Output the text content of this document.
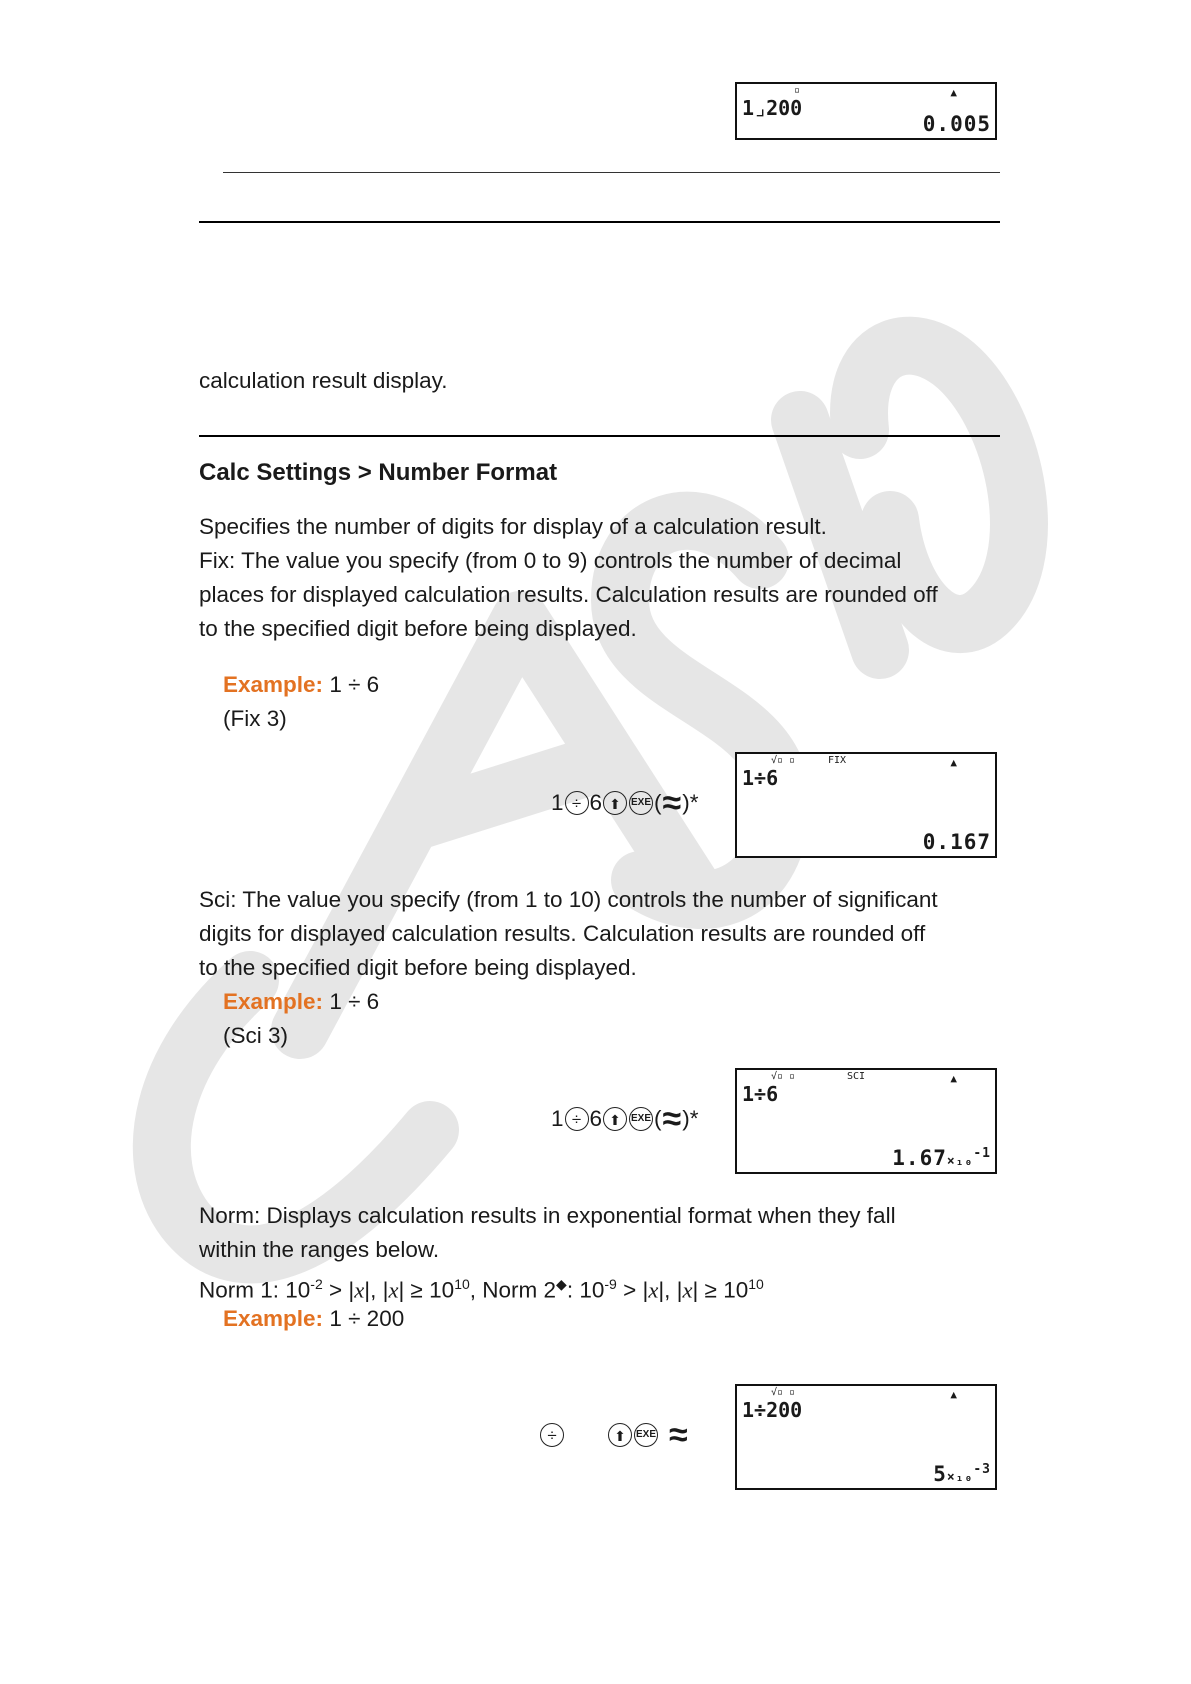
1⌟200
▫	▲
0.005
calculation result display.
Calc Settings > Number Format
Specifies the number of digits for display of a calculation result.
Fix: The value you specify (from 0 to 9) controls the number of decimal
places for displayed calculation results. Calculation results are rounded off
to the specified digit before being displayed.
Example: 1 ÷ 6
(Fix 3)
1 ÷ 6 ⬆	EXE ( ≈ )*
√▫ ▫	FIX	▲
1÷6
0.167
Sci: The value you specify (from 1 to 10) controls the number of significant
digits for displayed calculation results. Calculation results are rounded off
to the specified digit before being displayed.
Example: 1 ÷ 6
(Sci 3)
1 ÷ 6 ⬆	EXE ( ≈ )*
√▫ ▫	SCI	▲
1÷6
1.67×₁₀$^{-1}$
Norm: Displays calculation results in exponential format when they fall
within the ranges below.
Norm 1: $10^{-2} > |x|$, $|x| \ge 10^{10}$, Norm 2◆: $10^{-9} > |x|$, $|x| \ge 10^{10}$
Example: 1 ÷ 200
÷	⬆	EXE ≈
√▫ ▫	▲
1÷200
5×₁₀$^{-3}$
